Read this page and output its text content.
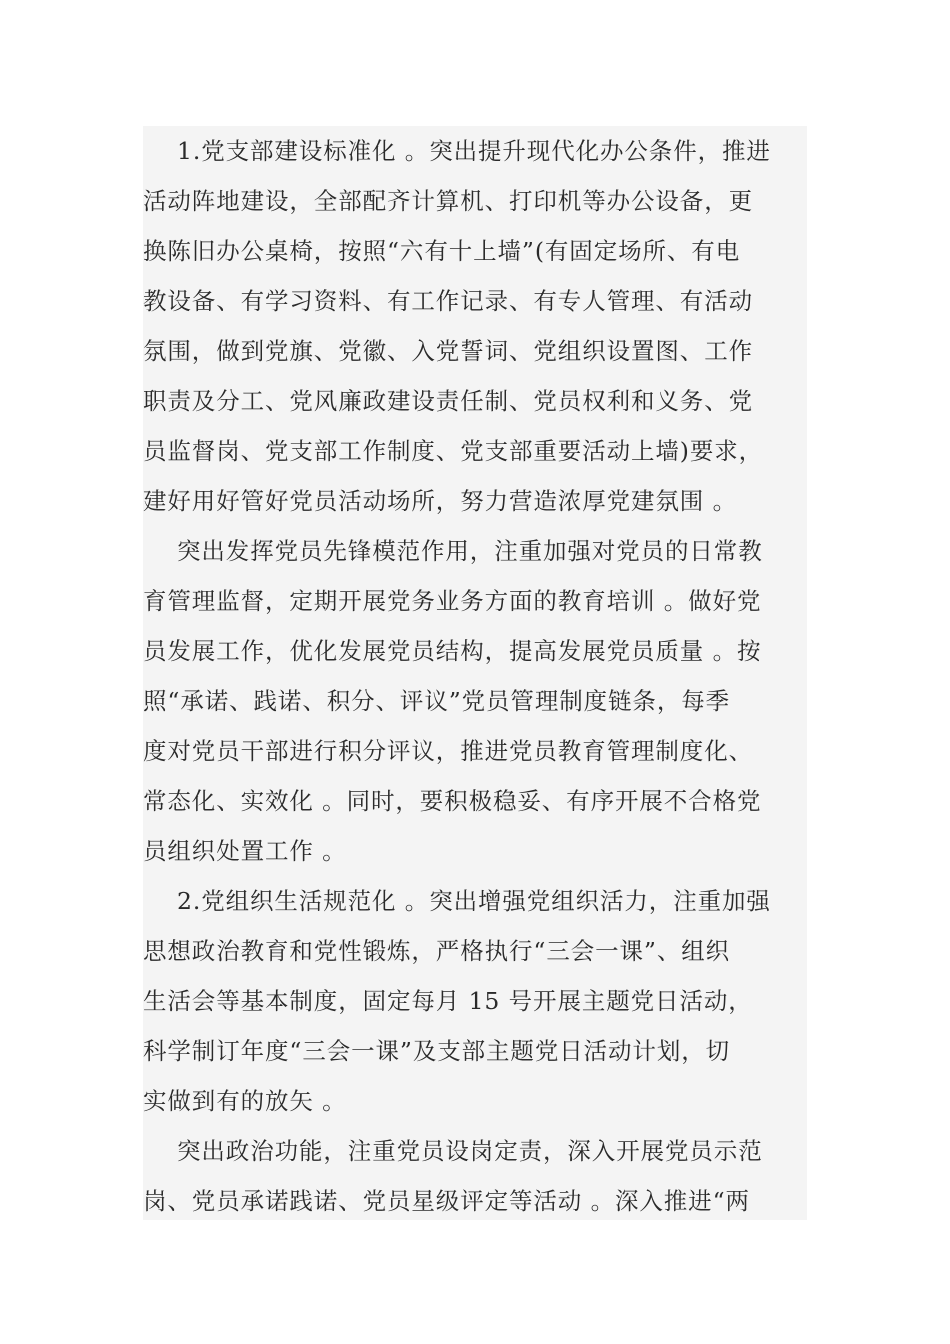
1.党支部建设标准化 。突出提升现代化办公条件，推进
活动阵地建设，全部配齐计算机、打印机等办公设备，更
换陈旧办公桌椅，按照“六有十上墙”(有固定场所、有电
教设备、有学习资料、有工作记录、有专人管理、有活动
氛围，做到党旗、党徽、入党誓词、党组织设置图、工作
职责及分工、党风廉政建设责任制、党员权利和义务、党
员监督岗、党支部工作制度、党支部重要活动上墙)要求，
建好用好管好党员活动场所，努力营造浓厚党建氛围 。
突出发挥党员先锋模范作用，注重加强对党员的日常教
育管理监督，定期开展党务业务方面的教育培训 。做好党
员发展工作，优化发展党员结构，提高发展党员质量 。按
照“承诺、践诺、积分、评议”党员管理制度链条，每季
度对党员干部进行积分评议，推进党员教育管理制度化、
常态化、实效化 。同时，要积极稳妥、有序开展不合格党
员组织处置工作 。
2.党组织生活规范化 。突出增强党组织活力，注重加强
思想政治教育和党性锻炼，严格执行“三会一课”、组织
生活会等基本制度，固定每月 15 号开展主题党日活动，
科学制订年度“三会一课”及支部主题党日活动计划，切
实做到有的放矢 。
突出政治功能，注重党员设岗定责，深入开展党员示范
岗、党员承诺践诺、党员星级评定等活动 。深入推进“两
